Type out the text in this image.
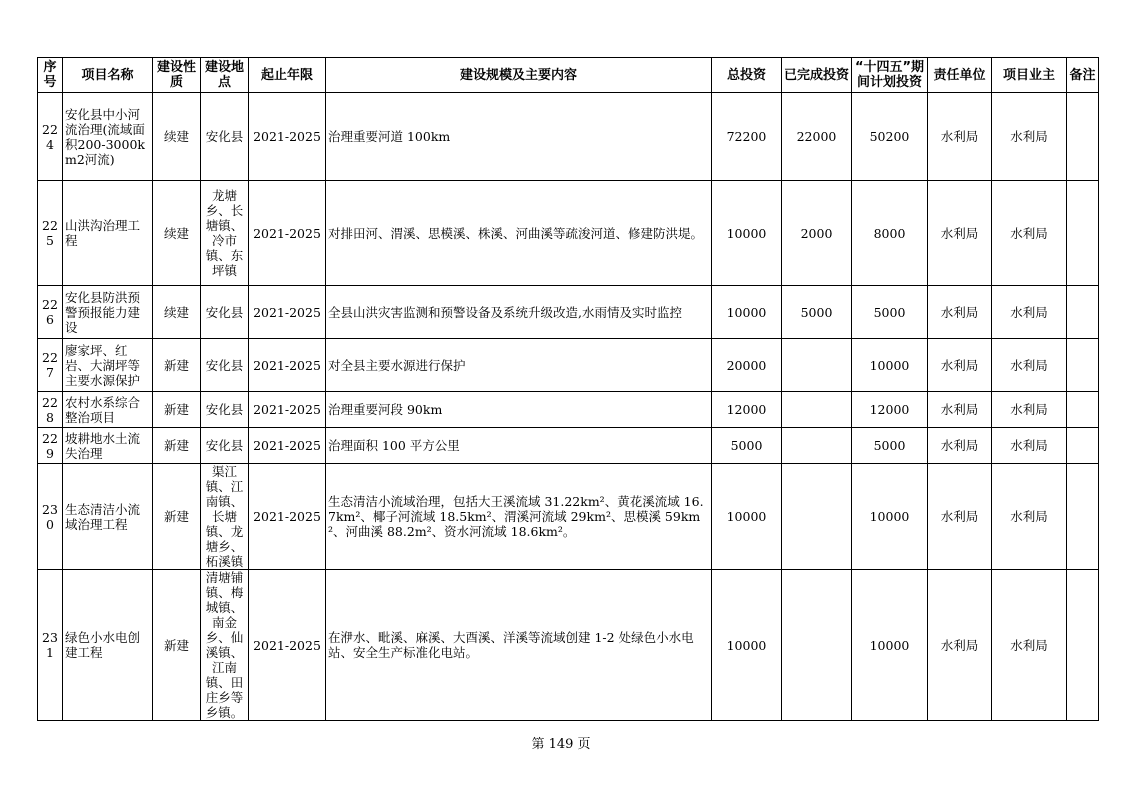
序号	项目名称	建设性质	建设地点	起止年限	建设规模及主要内容	总投资	已完成投资	“十四五”期间计划投资	责任单位	项目业主	备注
224	安化县中小河流治理(流域面积200-3000km2河流)	续建	安化县	2021-2025	治理重要河道 100km	72200	22000	50200	水利局	水利局	
225	山洪沟治理工程	续建	龙塘乡、长塘镇、冷市镇、东坪镇	2021-2025	对排田河、渭溪、思模溪、株溪、河曲溪等疏浚河道、修建防洪堤。	10000	2000	8000	水利局	水利局	
226	安化县防洪预警预报能力建设	续建	安化县	2021-2025	全县山洪灾害监测和预警设备及系统升级改造,水雨情及实时监控	10000	5000	5000	水利局	水利局	
227	廖家坪、红岩、大湖坪等主要水源保护	新建	安化县	2021-2025	对全县主要水源进行保护	20000		10000	水利局	水利局	
228	农村水系综合整治项目	新建	安化县	2021-2025	治理重要河段 90km	12000		12000	水利局	水利局	
229	坡耕地水土流失治理	新建	安化县	2021-2025	治理面积 100 平方公里	5000		5000	水利局	水利局	
230	生态清洁小流域治理工程	新建	渠江镇、江南镇、长塘镇、龙塘乡、柘溪镇	2021-2025	生态清洁小流域治理，包括大王溪流域 31.22km²、黄花溪流域 16.7km²、椰子河流域 18.5km²、渭溪河流域 29km²、思模溪 59km²、河曲溪 88.2m²、资水河流域 18.6km²。	10000		10000	水利局	水利局	
231	绿色小水电创建工程	新建	清塘铺镇、梅城镇、南金乡、仙溪镇、江南镇、田庄乡等乡镇。	2021-2025	在洢水、毗溪、麻溪、大酉溪、洋溪等流域创建 1-2 处绿色小水电站、安全生产标准化电站。	10000		10000	水利局	水利局	
第 149 页
